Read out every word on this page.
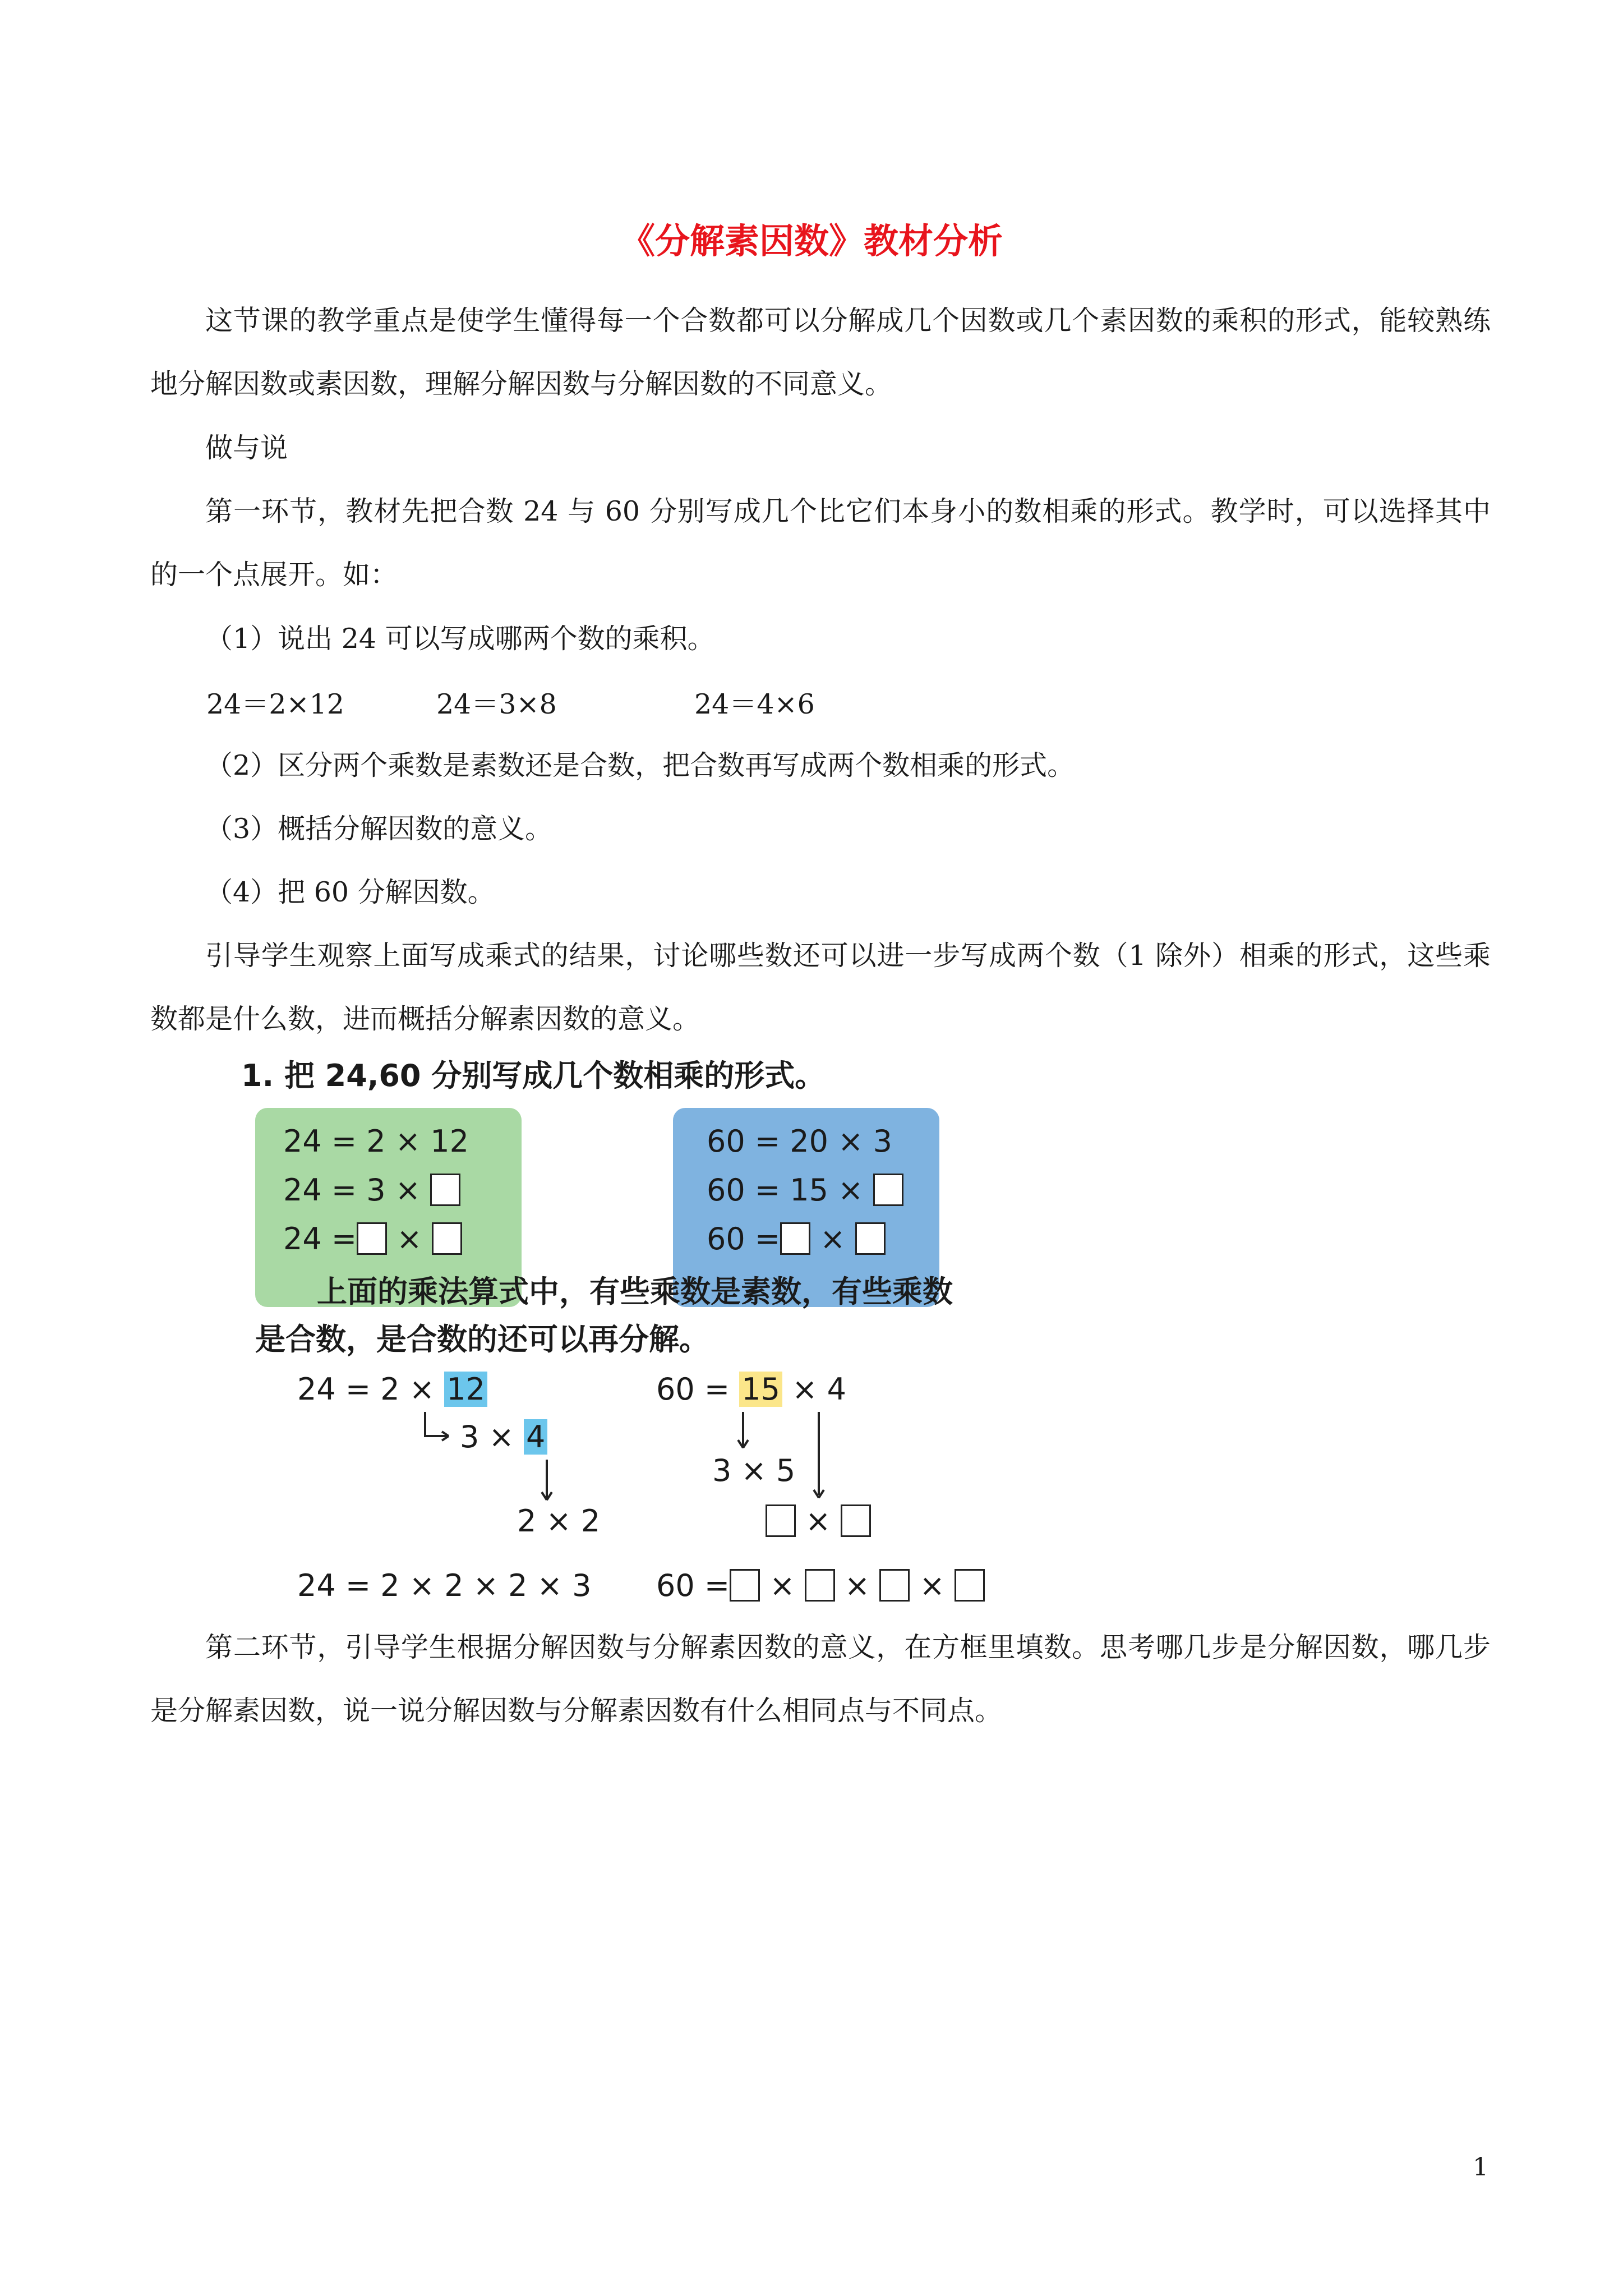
《分解素因数》教材分析
这节课的教学重点是使学生懂得每一个合数都可以分解成几个因数或几个素因数的乘积的形式，能较熟练地分解因数或素因数，理解分解因数与分解因数的不同意义。
做与说
第一环节，教材先把合数 24 与 60 分别写成几个比它们本身小的数相乘的形式。教学时，可以选择其中的一个点展开。如：
（1）说出 24 可以写成哪两个数的乘积。
24＝2×12	24＝3×8	24＝4×6
（2）区分两个乘数是素数还是合数，把合数再写成两个数相乘的形式。
（3）概括分解因数的意义。
（4）把 60 分解因数。
引导学生观察上面写成乘式的结果，讨论哪些数还可以进一步写成两个数（1 除外）相乘的形式，这些乘数都是什么数，进而概括分解素因数的意义。
1. 把 24,60 分别写成几个数相乘的形式。
24 = 2 × 12
24 = 3 ×
24 = ×
60 = 20 × 3
60 = 15 ×
60 = ×
上面的乘法算式中，有些乘数是素数，有些乘数
是合数，是合数的还可以再分解。
24 = 2 × 12
3 × 4
2 × 2
24 = 2 × 2 × 2 × 3
60 = 15 × 4
3 × 5
×
60 = × × ×
第二环节，引导学生根据分解因数与分解素因数的意义，在方框里填数。思考哪几步是分解因数，哪几步是分解素因数，说一说分解因数与分解素因数有什么相同点与不同点。
1
